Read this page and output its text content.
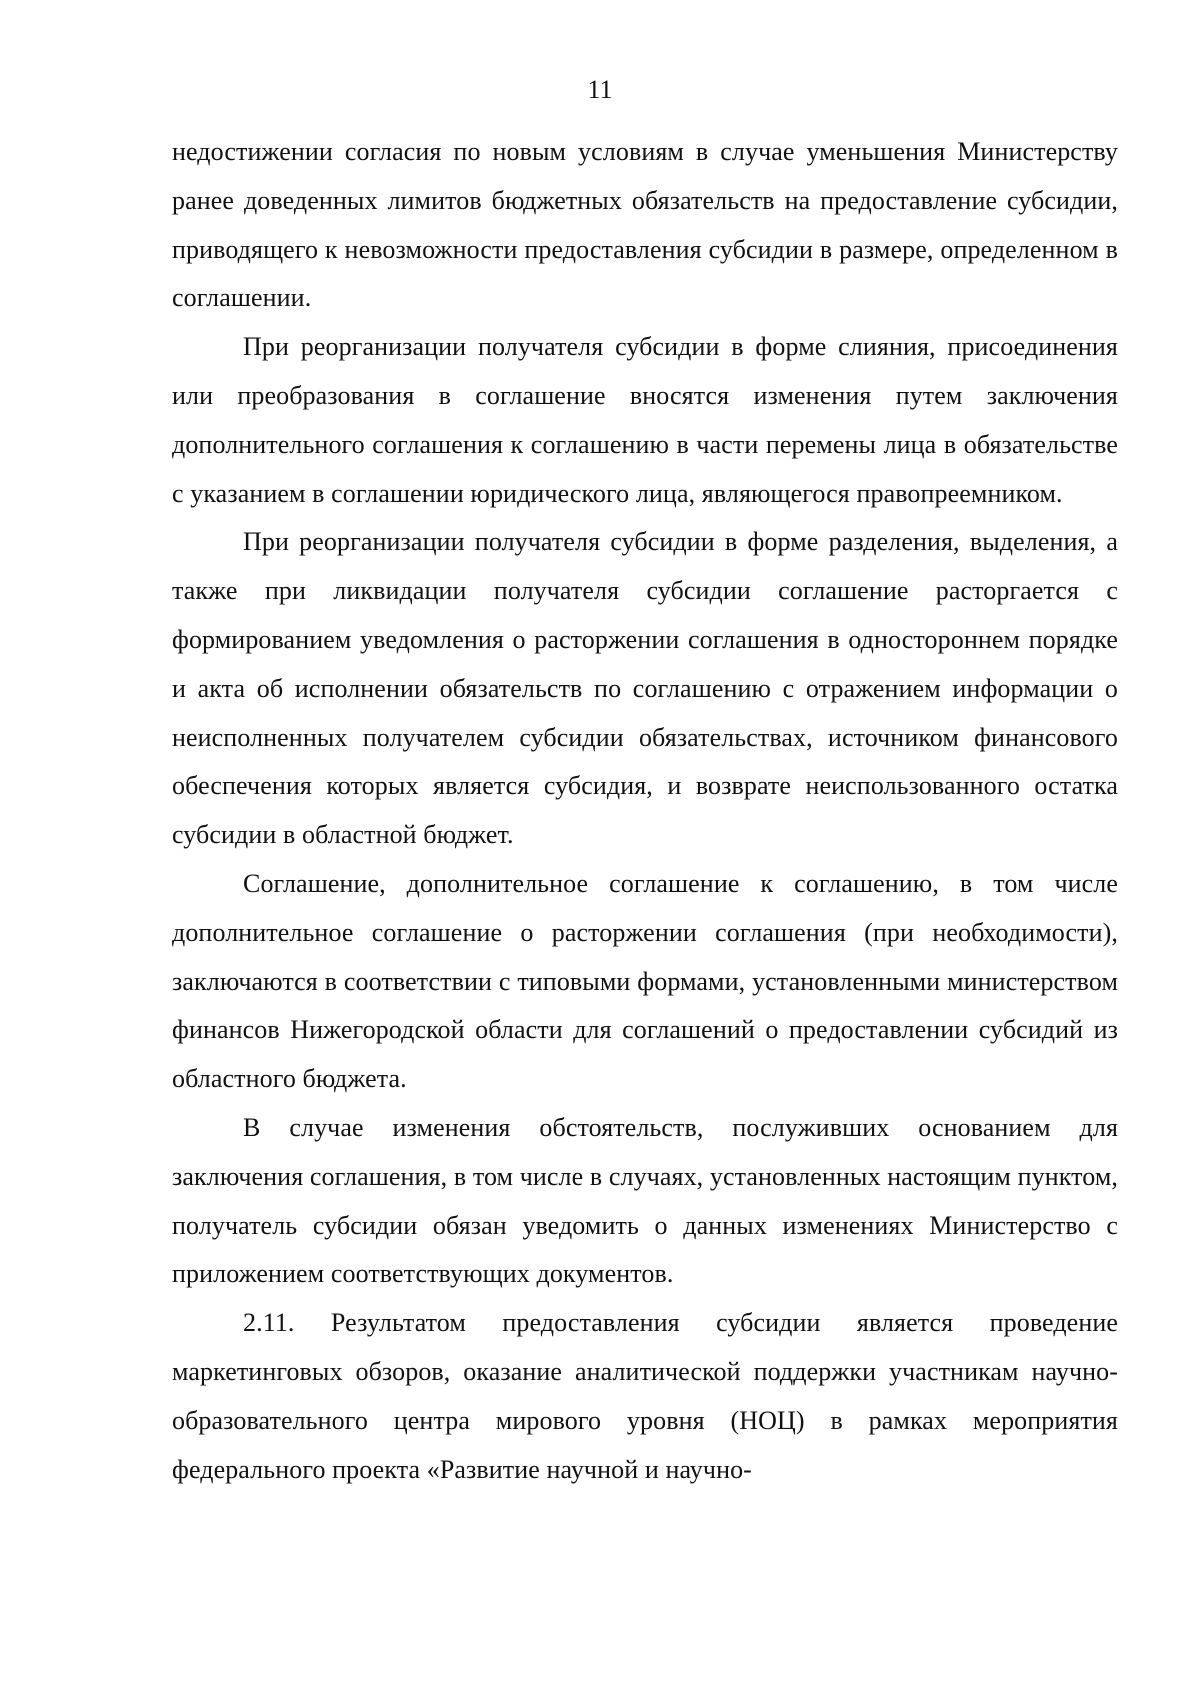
11

недостижении согласия по новым условиям в случае уменьшения Министерству ранее доведенных лимитов бюджетных обязательств на предоставление субсидии, приводящего к невозможности предоставления субсидии в размере, определенном в соглашении.

При реорганизации получателя субсидии в форме слияния, присоединения или преобразования в соглашение вносятся изменения путем заключения дополнительного соглашения к соглашению в части перемены лица в обязательстве с указанием в соглашении юридического лица, являющегося правопреемником.

При реорганизации получателя субсидии в форме разделения, выделения, а также при ликвидации получателя субсидии соглашение расторгается с формированием уведомления о расторжении соглашения в одностороннем порядке и акта об исполнении обязательств по соглашению с отражением информации о неисполненных получателем субсидии обязательствах, источником финансового обеспечения которых является субсидия, и возврате неиспользованного остатка субсидии в областной бюджет.

Соглашение, дополнительное соглашение к соглашению, в том числе дополнительное соглашение о расторжении соглашения (при необходимости), заключаются в соответствии с типовыми формами, установленными министерством финансов Нижегородской области для соглашений о предоставлении субсидий из областного бюджета.

В случае изменения обстоятельств, послуживших основанием для заключения соглашения, в том числе в случаях, установленных настоящим пунктом, получатель субсидии обязан уведомить о данных изменениях Министерство с приложением соответствующих документов.

2.11. Результатом предоставления субсидии является проведение маркетинговых обзоров, оказание аналитической поддержки участникам научно-образовательного центра мирового уровня (НОЦ) в рамках мероприятия федерального проекта «Развитие научной и научно-
